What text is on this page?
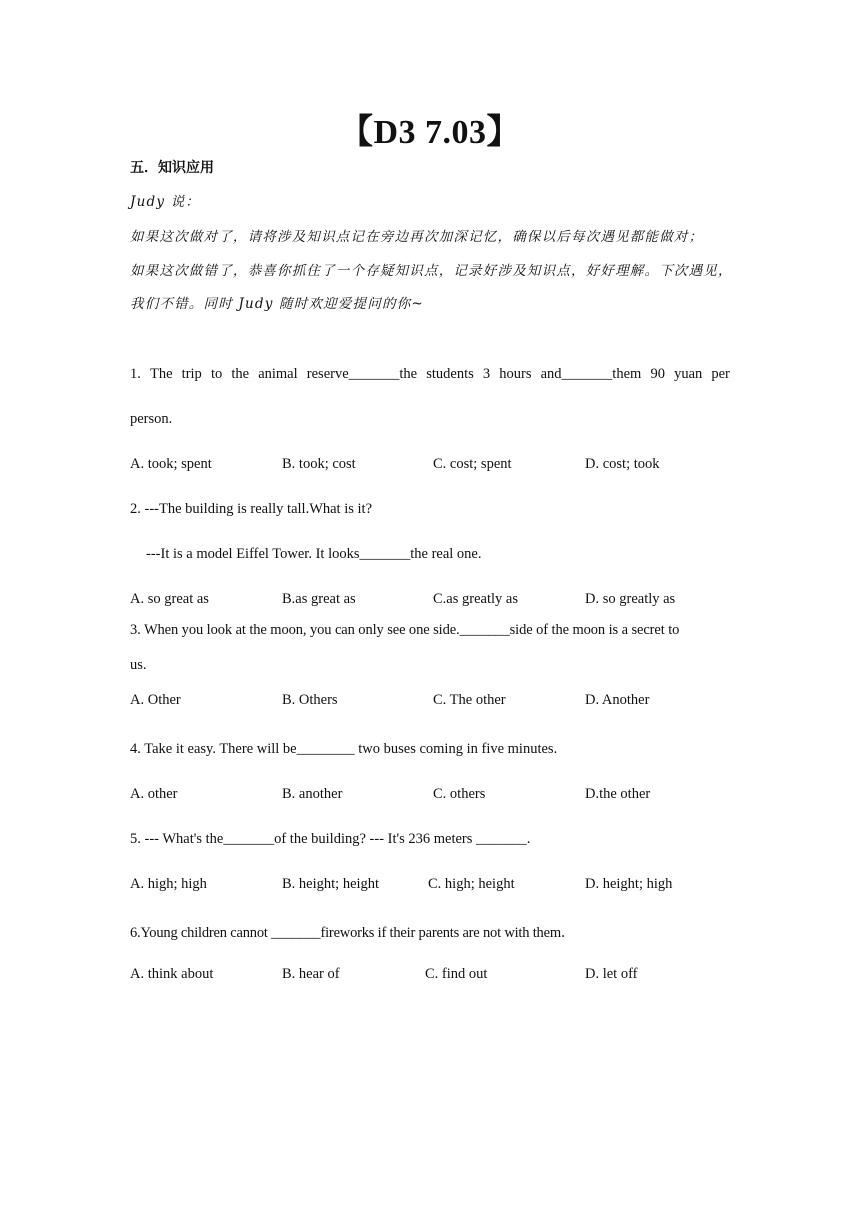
【D3 7.03】
五．知识应用
Judy 说：
如果这次做对了，请将涉及知识点记在旁边再次加深记忆，确保以后每次遇见都能做对；
如果这次做错了，恭喜你抓住了一个存疑知识点，记录好涉及知识点，好好理解。下次遇见，
我们不错。同时 Judy 随时欢迎爱提问的你~
1. The trip to the animal reserve_______the students 3 hours and_______them 90 yuan per
person.
A. took; spent	B. took; cost	C. cost; spent	D. cost; took
2. ---The building is really tall.What is it?
---It is a model Eiffel Tower. It looks_______the real one.
A. so great as	B.as great as	C.as greatly as	D. so greatly as
3. When you look at the moon, you can only see one side._______side of the moon is a secret to
us.
A. Other	B. Others	C. The other	D. Another
4. Take it easy. There will be________ two buses coming in five minutes.
A. other	B. another	C. others	D.the other
5. --- What's the_______of the building? --- It's 236 meters _______.
A. high; high	B. height; height	C. high; height	D. height; high
6.Young children cannot _______fireworks if their parents are not with them．
A. think about	B. hear of	C. find out	D. let off
